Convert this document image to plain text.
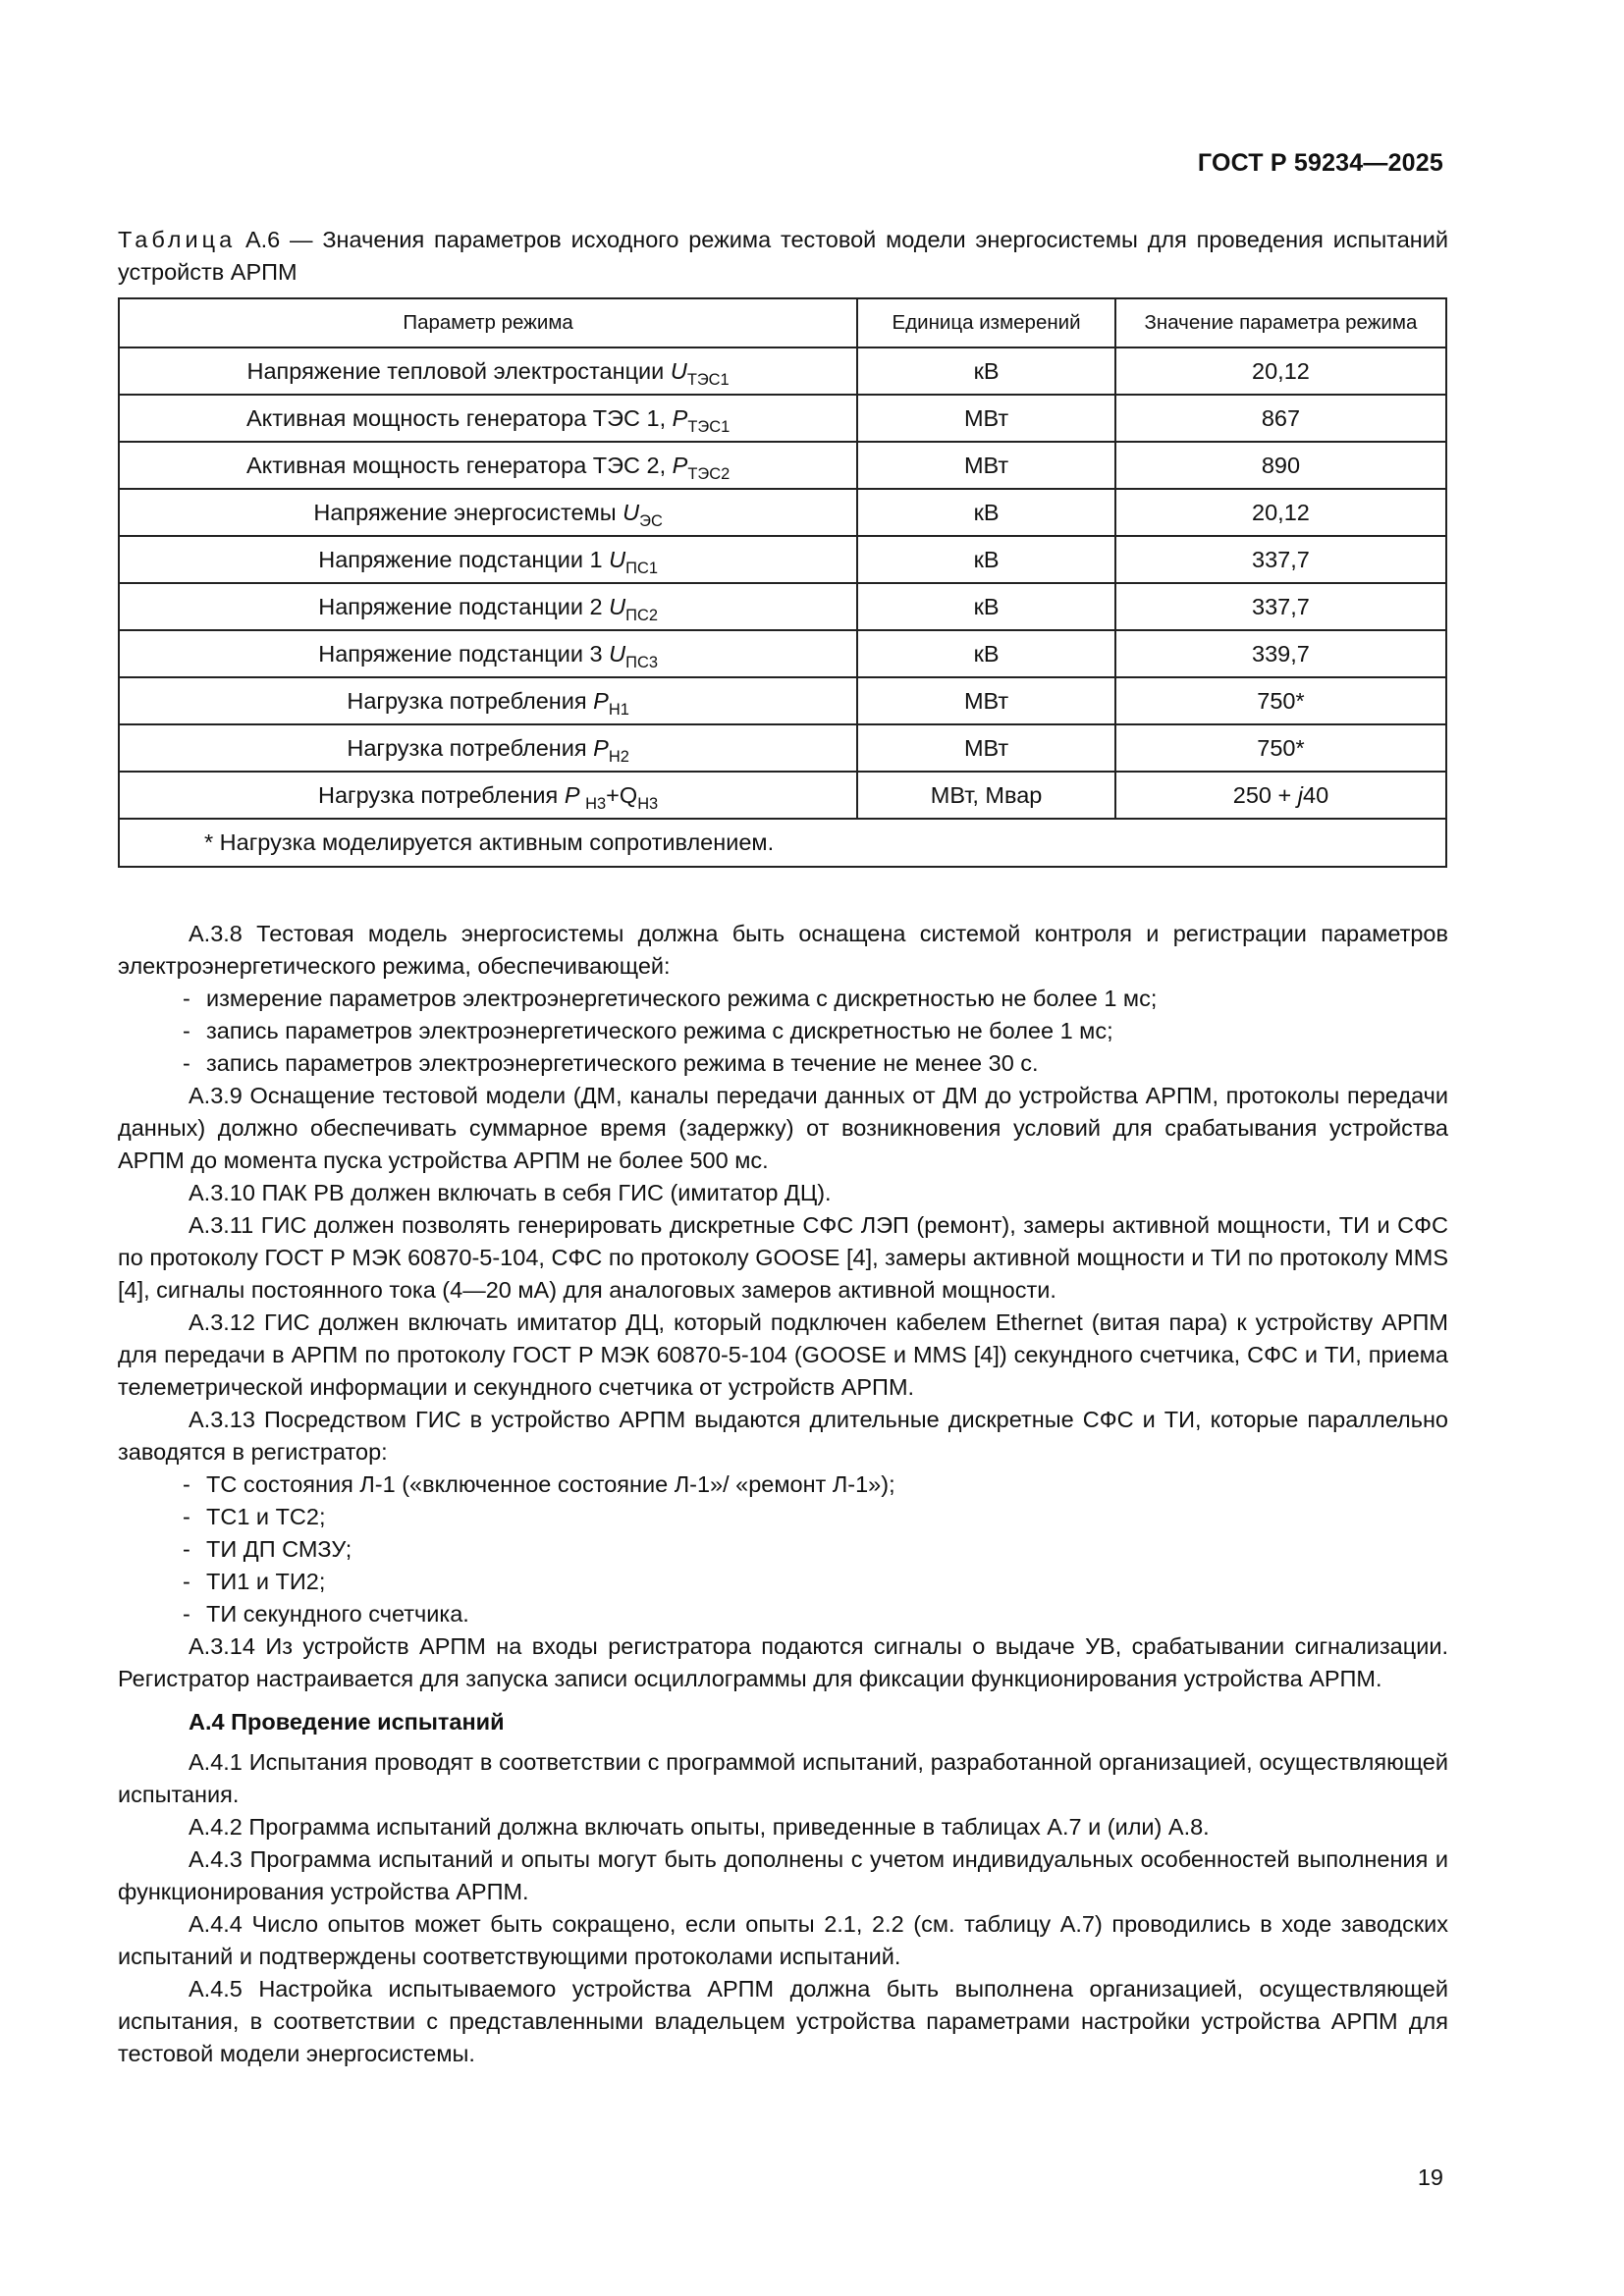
ГОСТ Р 59234—2025
Таблица А.6 — Значения параметров исходного режима тестовой модели энергосистемы для проведения испытаний устройств АРПМ
Параметр режима	Единица измерений	Значение параметра режима
Напряжение тепловой электростанции $U_{ТЭС1}$	кВ	20,12
Активная мощность генератора ТЭС 1, $P_{ТЭС1}$	МВт	867
Активная мощность генератора ТЭС 2, $P_{ТЭС2}$	МВт	890
Напряжение энергосистемы $U_{ЭС}$	кВ	20,12
Напряжение подстанции 1 $U_{ПС1}$	кВ	337,7
Напряжение подстанции 2 $U_{ПС2}$	кВ	337,7
Напряжение подстанции 3 $U_{ПС3}$	кВ	339,7
Нагрузка потребления $P_{Н1}$	МВт	750*
Нагрузка потребления $P_{Н2}$	МВт	750*
Нагрузка потребления P $_{Н3}+Q_{Н3}$	МВт, Мвар	250 + j40
* Нагрузка моделируется активным сопротивлением.		

А.3.8 Тестовая модель энергосистемы должна быть оснащена системой контроля и регистрации параметров электроэнергетического режима, обеспечивающей:

- измерение параметров электроэнергетического режима с дискретностью не более 1 мс;

- запись параметров электроэнергетического режима с дискретностью не более 1 мс;

- запись параметров электроэнергетического режима в течение не менее 30 с.

А.3.9 Оснащение тестовой модели (ДМ, каналы передачи данных от ДМ до устройства АРПМ, протоколы передачи данных) должно обеспечивать суммарное время (задержку) от возникновения условий для срабатывания устройства АРПМ до момента пуска устройства АРПМ не более 500 мс.

А.3.10 ПАК РВ должен включать в себя ГИС (имитатор ДЦ).

А.3.11 ГИС должен позволять генерировать дискретные СФС ЛЭП (ремонт), замеры активной мощности, ТИ и СФС по протоколу ГОСТ Р МЭК 60870-5-104, СФС по протоколу GOOSE [4], замеры активной мощности и ТИ по протоколу MMS [4], сигналы постоянного тока (4—20 мА) для аналоговых замеров активной мощности.

А.3.12 ГИС должен включать имитатор ДЦ, который подключен кабелем Ethernet (витая пара) к устройству АРПМ для передачи в АРПМ по протоколу ГОСТ Р МЭК 60870-5-104 (GOOSE и MMS [4]) секундного счетчика, СФС и ТИ, приема телеметрической информации и секундного счетчика от устройств АРПМ.

А.3.13 Посредством ГИС в устройство АРПМ выдаются длительные дискретные СФС и ТИ, которые параллельно заводятся в регистратор:

- ТС состояния Л-1 («включенное состояние Л-1»/ «ремонт Л-1»);

- ТС1 и ТС2;

- ТИ ДП СМЗУ;

- ТИ1 и ТИ2;

- ТИ секундного счетчика.

А.3.14 Из устройств АРПМ на входы регистратора подаются сигналы о выдаче УВ, срабатывании сигнализации. Регистратор настраивается для запуска записи осциллограммы для фиксации функционирования устройства АРПМ.

А.4 Проведение испытаний

А.4.1 Испытания проводят в соответствии с программой испытаний, разработанной организацией, осуществляющей испытания.

А.4.2 Программа испытаний должна включать опыты, приведенные в таблицах А.7 и (или) А.8.

А.4.3 Программа испытаний и опыты могут быть дополнены с учетом индивидуальных особенностей выполнения и функционирования устройства АРПМ.

А.4.4 Число опытов может быть сокращено, если опыты 2.1, 2.2 (см. таблицу А.7) проводились в ходе заводских испытаний и подтверждены соответствующими протоколами испытаний.

А.4.5 Настройка испытываемого устройства АРПМ должна быть выполнена организацией, осуществляющей испытания, в соответствии с представленными владельцем устройства параметрами настройки устройства АРПМ для тестовой модели энергосистемы.

19
